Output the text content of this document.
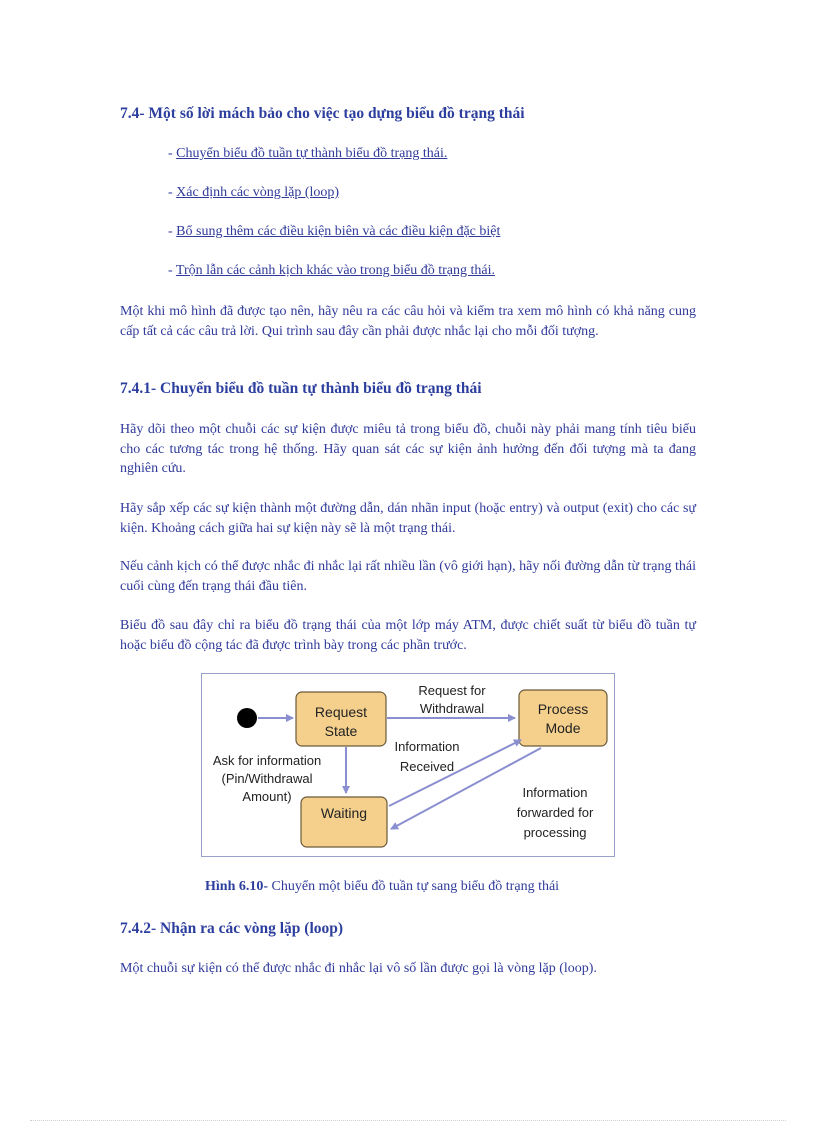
7.4- Một số lời mách bảo cho việc tạo dựng biểu đồ trạng thái
- Chuyển biểu đồ tuần tự thành biểu đồ trạng thái.
- Xác định các vòng lặp (loop)
- Bổ sung thêm các điều kiện biên và các điều kiện đặc biệt
- Trộn lẫn các cảnh kịch khác vào trong biểu đồ trạng thái.
Một khi mô hình đã được tạo nên, hãy nêu ra các câu hỏi và kiểm tra xem mô hình có khả năng cung cấp tất cả các câu trả lời. Qui trình sau đây cần phải được nhắc lại cho mỗi đối tượng.
7.4.1- Chuyển biểu đồ tuần tự thành biểu đồ trạng thái
Hãy dõi theo một chuỗi các sự kiện được miêu tả trong biểu đồ, chuỗi này phải mang tính tiêu biểu cho các tương tác trong hệ thống. Hãy quan sát các sự kiện ảnh hưởng đến đối tượng mà ta đang nghiên cứu.
Hãy sắp xếp các sự kiện thành một đường dẫn, dán nhãn input (hoặc entry) và output (exit) cho các sự kiện. Khoảng cách giữa hai sự kiện này sẽ là một trạng thái.
Nếu cảnh kịch có thể được nhắc đi nhắc lại rất nhiều lần (vô giới hạn), hãy nối đường dẫn từ trạng thái cuối cùng đến trạng thái đầu tiên.
Biểu đồ sau đây chỉ ra biểu đồ trạng thái của một lớp máy ATM, được chiết suất từ biểu đồ tuần tự hoặc biểu đồ cộng tác đã được trình bày trong các phần trước.
Request
State
Process
Mode
Waiting
Request for
Withdrawal
Information
Received
Ask for information
(Pin/Withdrawal
Amount)	Information
forwarded for
processing
Hình 6.10- Chuyển một biểu đồ tuần tự sang biểu đồ trạng thái
7.4.2- Nhận ra các vòng lặp (loop)
Một chuỗi sự kiện có thể được nhắc đi nhắc lại vô số lần được gọi là vòng lặp (loop).
